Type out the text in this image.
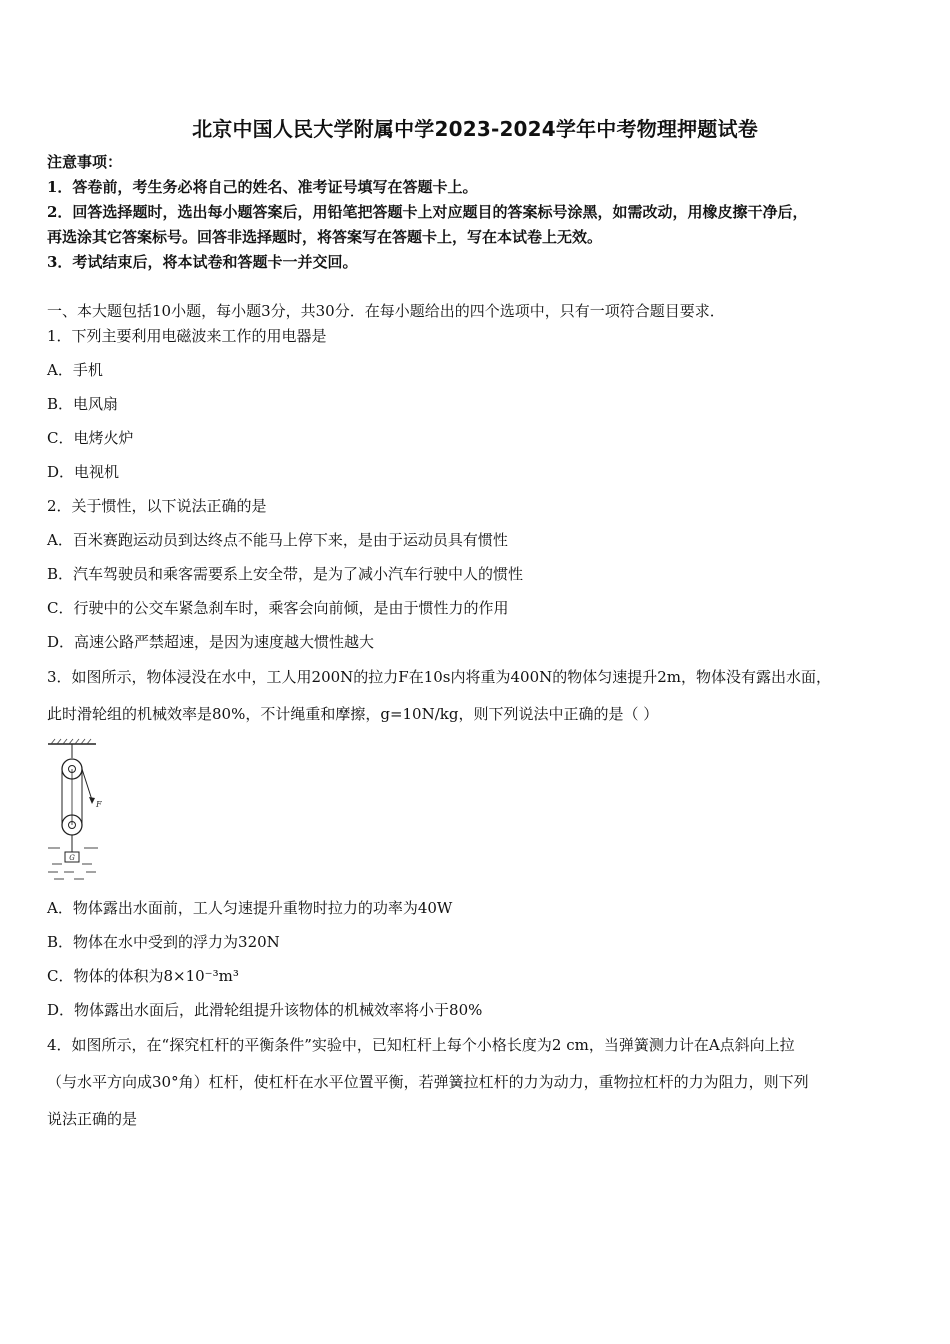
北京中国人民大学附属中学2023-2024学年中考物理押题试卷
注意事项：
1．答卷前，考生务必将自己的姓名、准考证号填写在答题卡上。
2．回答选择题时，选出每小题答案后，用铅笔把答题卡上对应题目的答案标号涂黑，如需改动，用橡皮擦干净后，
再选涂其它答案标号。回答非选择题时，将答案写在答题卡上，写在本试卷上无效。
3．考试结束后，将本试卷和答题卡一并交回。
一、本大题包括10小题，每小题3分，共30分．在每小题给出的四个选项中，只有一项符合题目要求．
1．下列主要利用电磁波来工作的用电器是
A．手机
B．电风扇
C．电烤火炉
D．电视机
2．关于惯性，以下说法正确的是
A．百米赛跑运动员到达终点不能马上停下来，是由于运动员具有惯性
B．汽车驾驶员和乘客需要系上安全带，是为了减小汽车行驶中人的惯性
C．行驶中的公交车紧急刹车时，乘客会向前倾，是由于惯性力的作用
D．高速公路严禁超速，是因为速度越大惯性越大
3．如图所示，物体浸没在水中，工人用200N的拉力F在10s内将重为400N的物体匀速提升2m，物体没有露出水面，
此时滑轮组的机械效率是80%，不计绳重和摩擦，g=10N/kg，则下列说法中正确的是（ ）
F
G
A．物体露出水面前，工人匀速提升重物时拉力的功率为40W
B．物体在水中受到的浮力为320N
C．物体的体积为8×10⁻³m³
D．物体露出水面后，此滑轮组提升该物体的机械效率将小于80%
4．如图所示，在“探究杠杆的平衡条件”实验中，已知杠杆上每个小格长度为2 cm，当弹簧测力计在A点斜向上拉
（与水平方向成30°角）杠杆，使杠杆在水平位置平衡，若弹簧拉杠杆的力为动力，重物拉杠杆的力为阻力，则下列
说法正确的是
